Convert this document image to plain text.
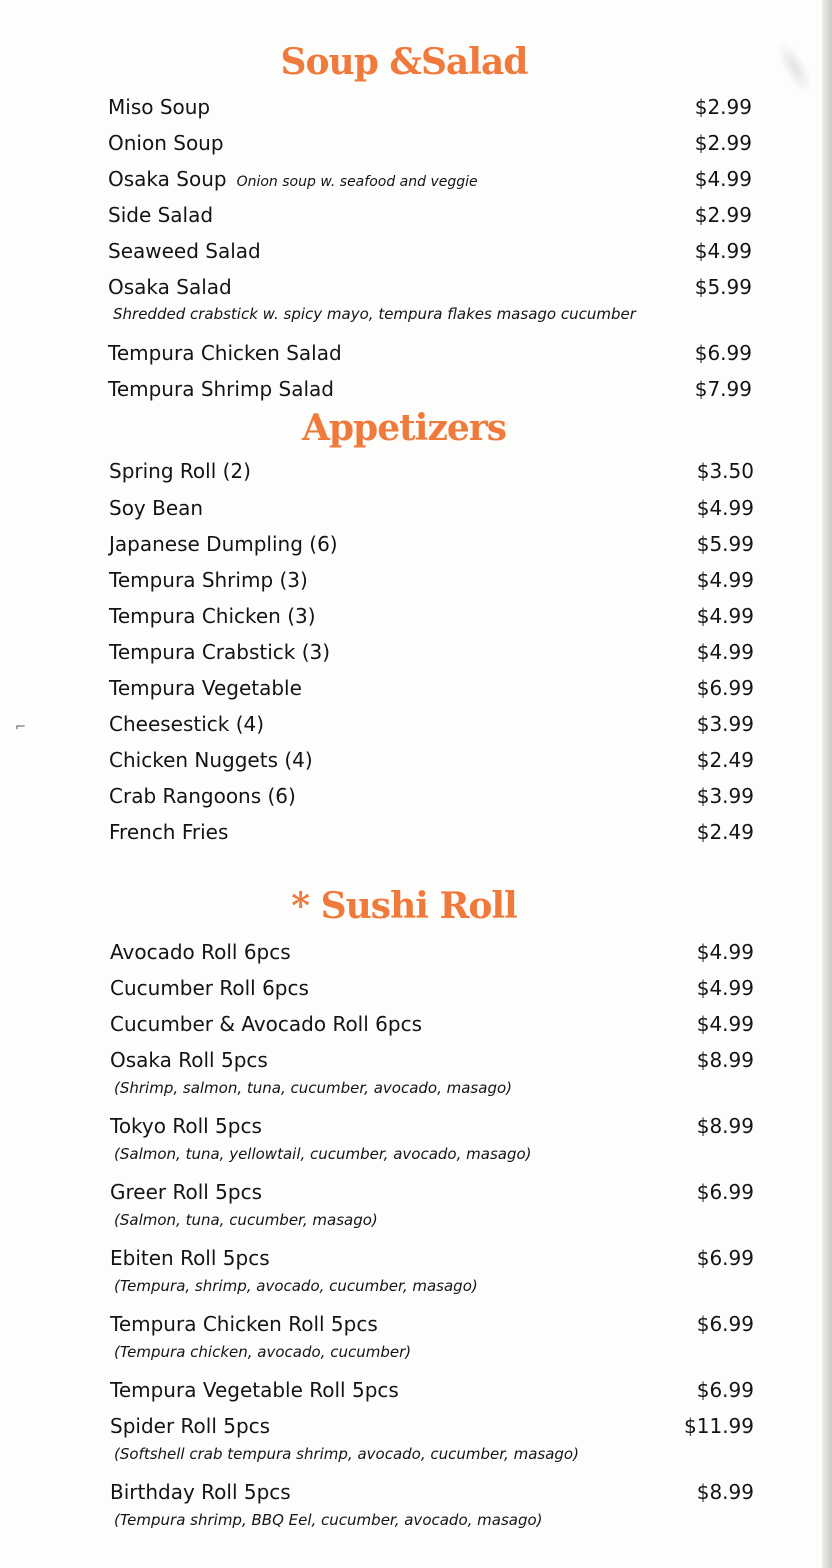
⌐
Soup &Salad
Appetizers
* Sushi Roll
Miso Soup	$2.99
Onion Soup	$2.99
Osaka Soup Onion soup w. seafood and veggie	$4.99
Side Salad	$2.99
Seaweed Salad	$4.99
Osaka Salad	$5.99
Shredded crabstick w. spicy mayo, tempura flakes masago cucumber
Tempura Chicken Salad	$6.99
Tempura Shrimp Salad	$7.99
Spring Roll (2)	$3.50
Soy Bean	$4.99
Japanese Dumpling (6)	$5.99
Tempura Shrimp (3)	$4.99
Tempura Chicken (3)	$4.99
Tempura Crabstick (3)	$4.99
Tempura Vegetable	$6.99
Cheesestick (4)	$3.99
Chicken Nuggets (4)	$2.49
Crab Rangoons (6)	$3.99
French Fries	$2.49
Avocado Roll 6pcs	$4.99
Cucumber Roll 6pcs	$4.99
Cucumber & Avocado Roll 6pcs	$4.99
Osaka Roll 5pcs	$8.99
(Shrimp, salmon, tuna, cucumber, avocado, masago)
Tokyo Roll 5pcs	$8.99
(Salmon, tuna, yellowtail, cucumber, avocado, masago)
Greer Roll 5pcs	$6.99
(Salmon, tuna, cucumber, masago)
Ebiten Roll 5pcs	$6.99
(Tempura, shrimp, avocado, cucumber, masago)
Tempura Chicken Roll 5pcs	$6.99
(Tempura chicken, avocado, cucumber)
Tempura Vegetable Roll 5pcs	$6.99
Spider Roll 5pcs	$11.99
(Softshell crab tempura shrimp, avocado, cucumber, masago)
Birthday Roll 5pcs	$8.99
(Tempura shrimp, BBQ Eel, cucumber, avocado, masago)
